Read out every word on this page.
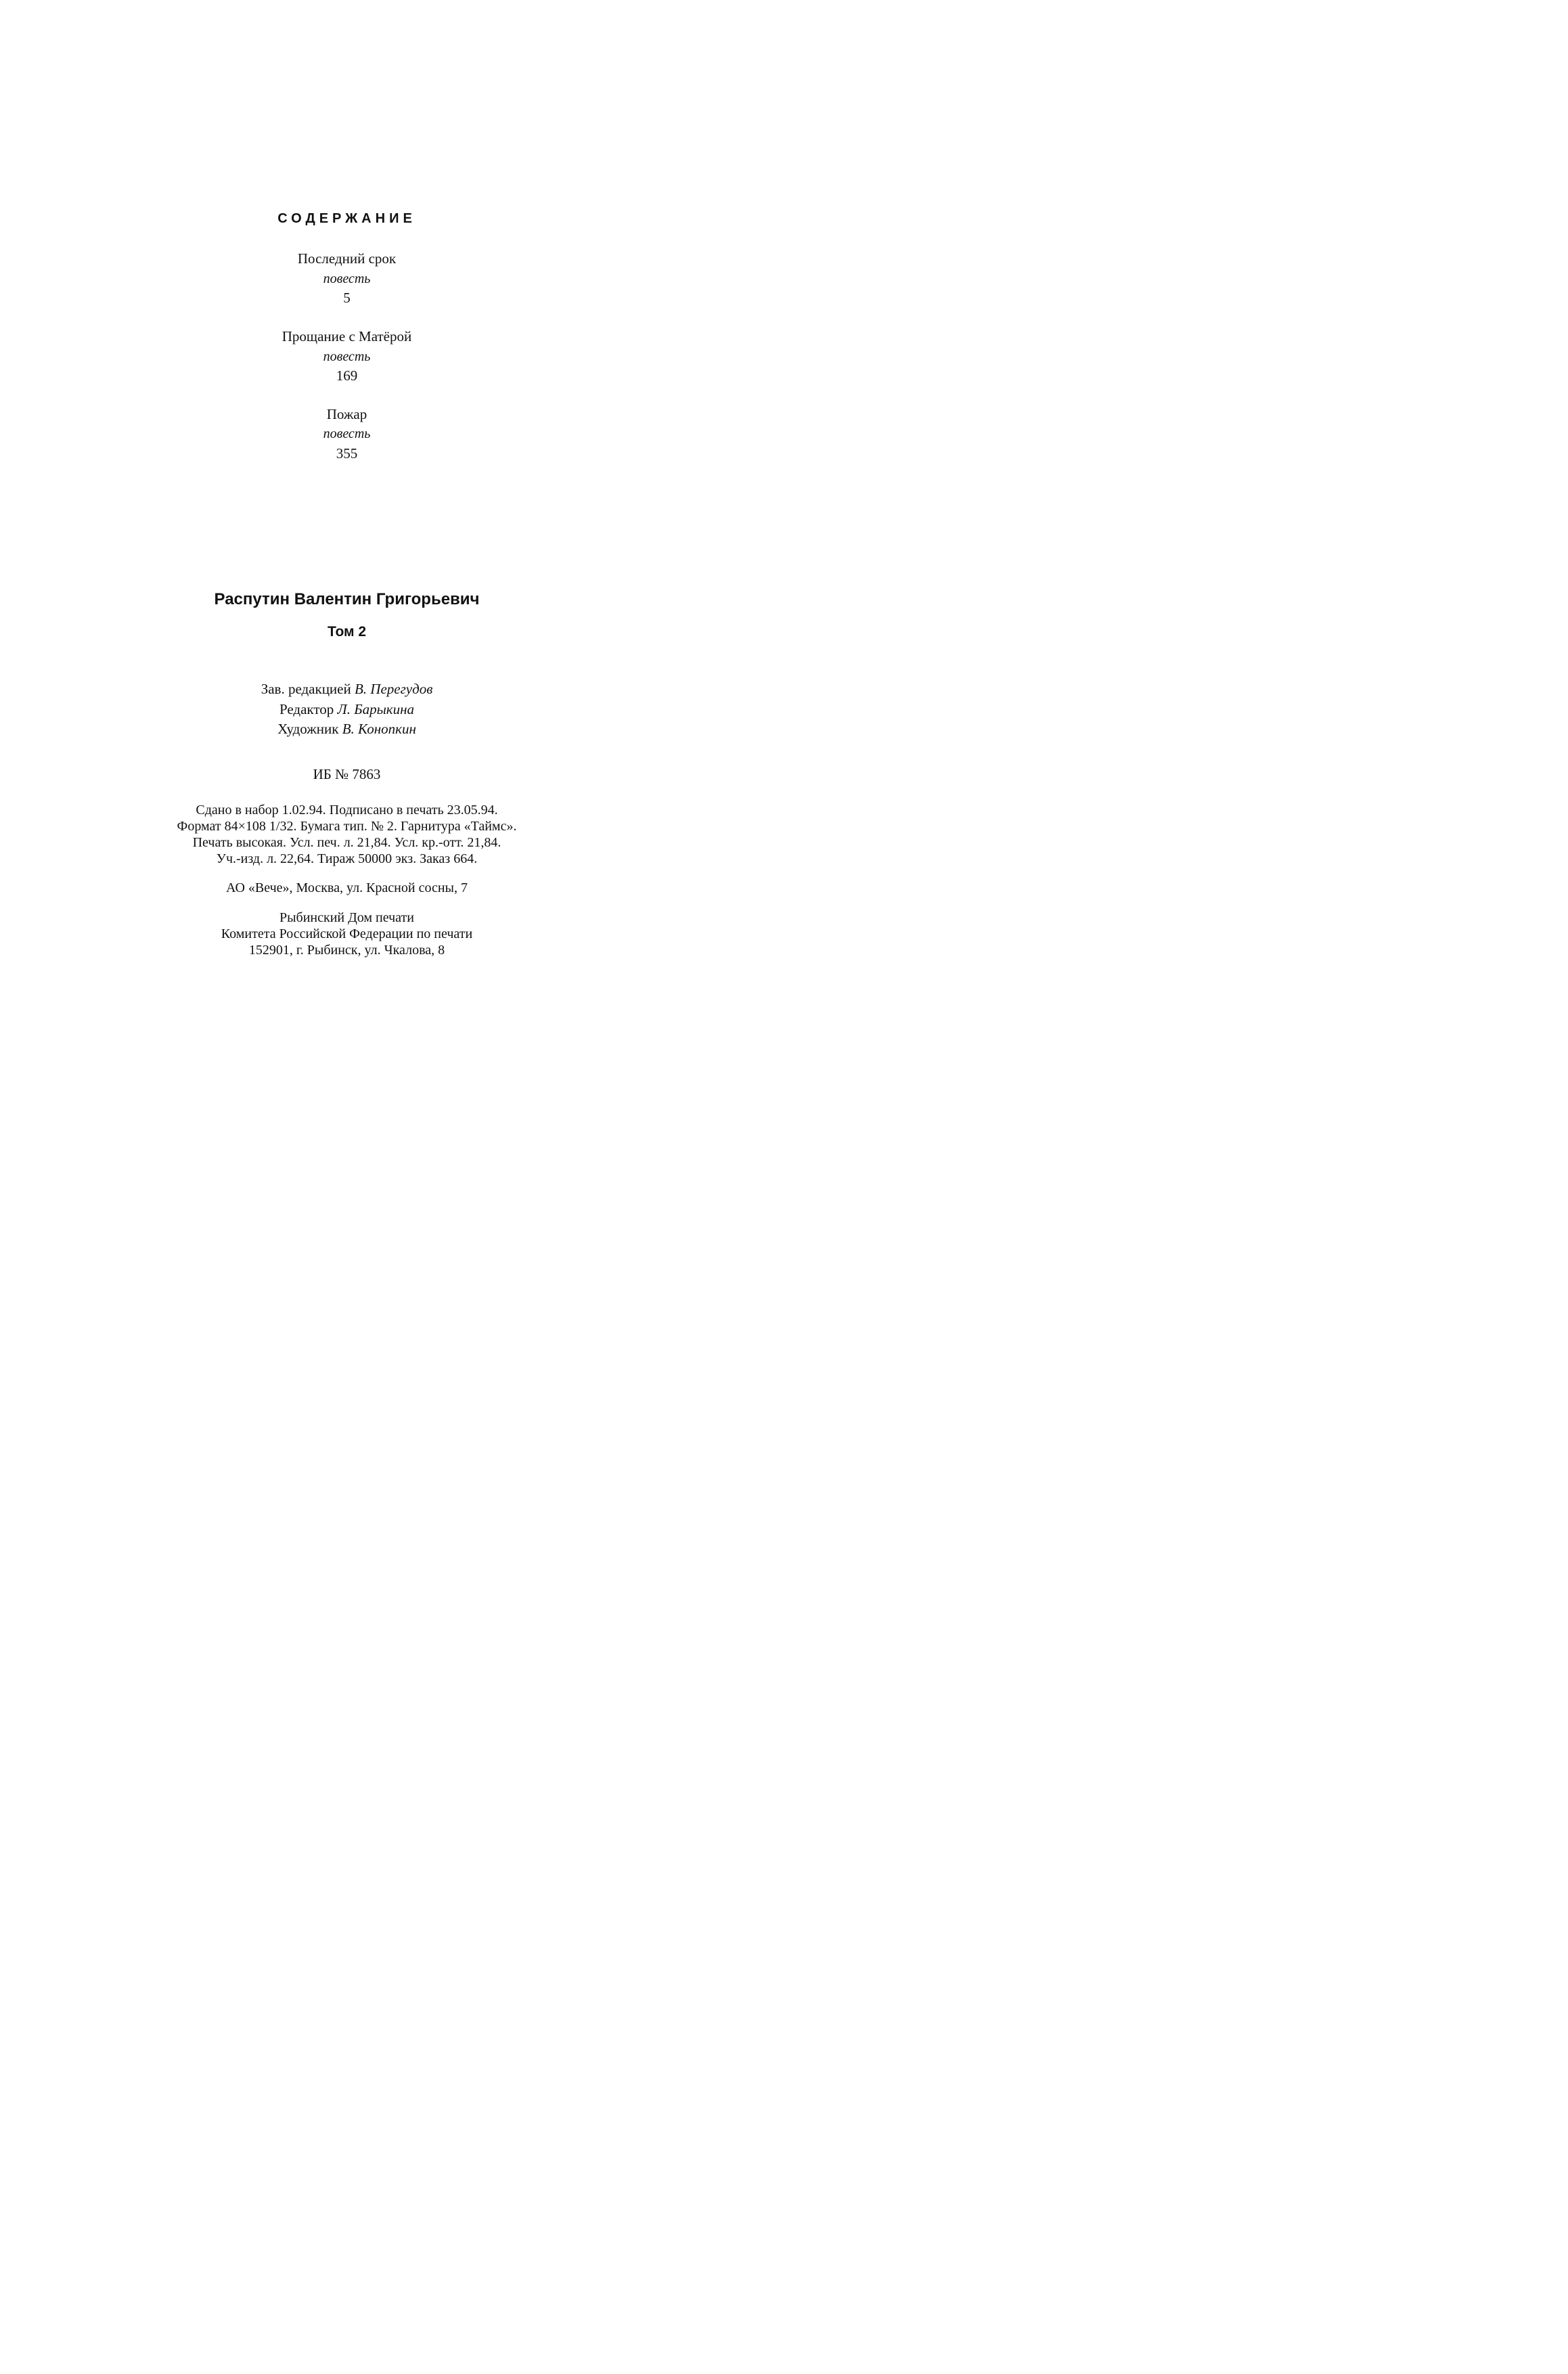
СОДЕРЖАНИЕ
Последний срок
повесть
5
Прощание с Матёрой
повесть
169
Пожар
повесть
355
Распутин Валентин Григорьевич
Том 2
Зав. редакцией В. Перегудов
Редактор Л. Барыкина
Художник В. Конопкин
ИБ № 7863
Сдано в набор 1.02.94. Подписано в печать 23.05.94.
Формат 84×108 1/32. Бумага тип. № 2. Гарнитура «Таймс».
Печать высокая. Усл. печ. л. 21,84. Усл. кр.-отт. 21,84.
Уч.-изд. л. 22,64. Тираж 50000 экз. Заказ 664.
АО «Вече», Москва, ул. Красной сосны, 7
Рыбинский Дом печати
Комитета Российской Федерации по печати
152901, г. Рыбинск, ул. Чкалова, 8
